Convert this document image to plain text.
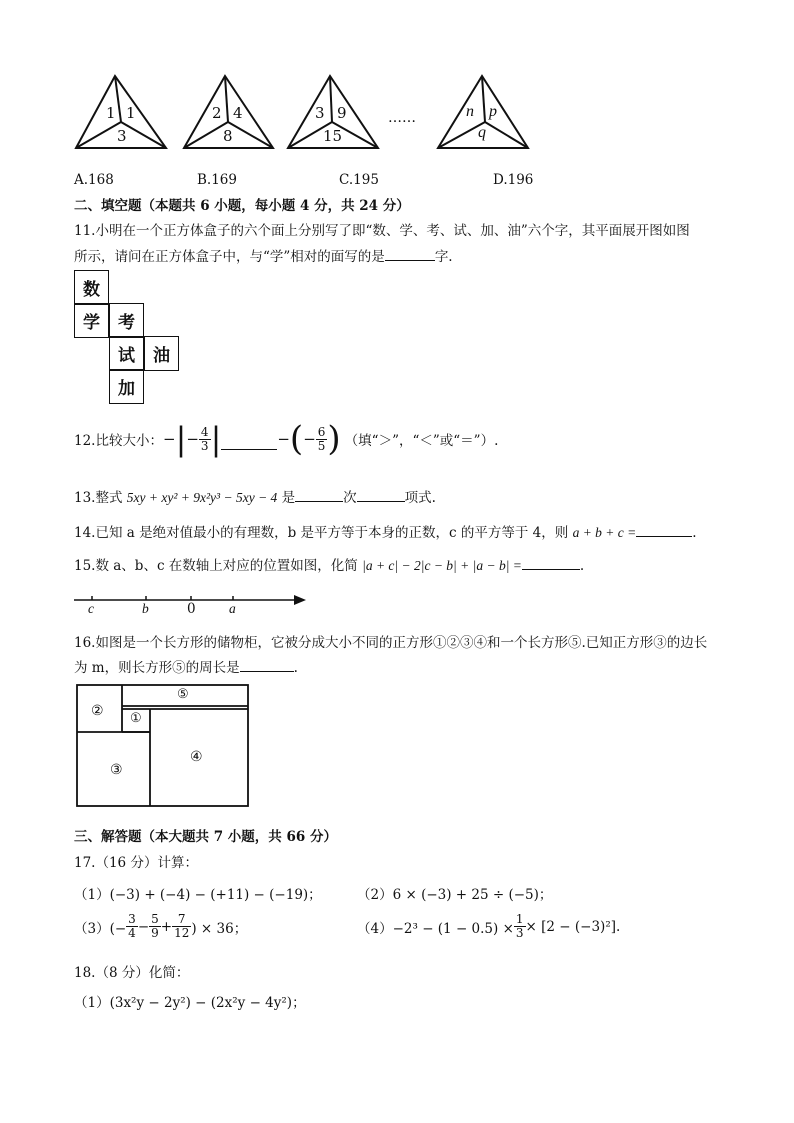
1 1
3
2 4
8
3 9
15
n p
q
……
A.168	B.169	C.195	D.196
二、填空题（本题共 6 小题，每小题 4 分，共 24 分）
11.小明在一个正方体盒子的六个面上分别写了即“数、学、考、试、加、油”六个字，其平面展开图如图
所示，请问在正方体盒子中，与“学”相对的面写的是	字.
数
学	考
试	油
加
12.比较大小： − | − $\frac{4}{3}$ |	− ( − $\frac{6}{5}$ ) （填“＞”，“＜”或“＝”）.
13.整式 5xy + xy² + 9x²y³ − 5xy − 4 是	次	项式.
14.已知 a 是绝对值最小的有理数，b 是平方等于本身的正数，c 的平方等于 4，则 a + b + c =	.
15.数 a、b、c 在数轴上对应的位置如图，化简 |a + c| − 2|c − b| + |a − b| =	.
c	b	0 a
16.如图是一个长方形的储物柜，它被分成大小不同的正方形①②③④和一个长方形⑤.已知正方形③的边长
为 m，则长方形⑤的周长是	.
② ①
⑤
③
④
三、解答题（本大题共 7 小题，共 66 分）
17.（16 分）计算：
（1）(−3) + (−4) − (+11) − (−19)；	（2）6 × (−3) + 25 ÷ (−5)；
$(3)(- \frac{3}{4} - \frac{5}{9} + \frac{7}{12}$ ) × 36；	$(4)-2^3 - (1 - 0.5) \times \frac{1}{3} \times [2 - (-3)^2]$.
18.（8 分）化简：
（1）(3x²y − 2y²) − (2x²y − 4y²)；
